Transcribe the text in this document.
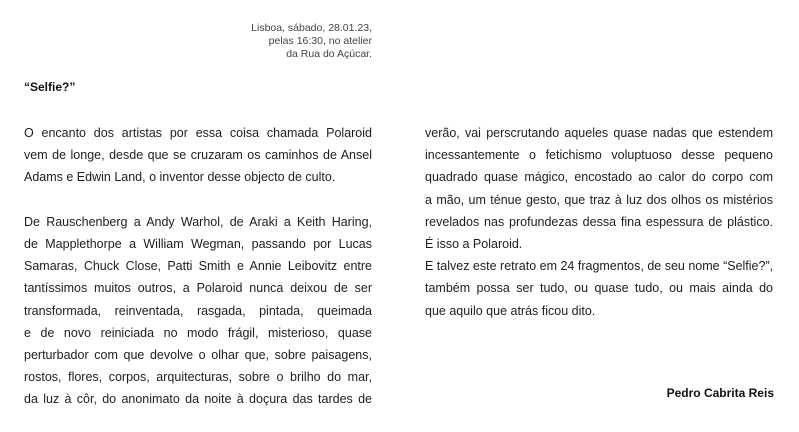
Lisboa, sábado, 28.01.23,
pelas 16:30, no atelier
da Rua do Açúcar.
“Selfie?”
O encanto dos artistas por essa coisa chamada Polaroid
vem de longe, desde que se cruzaram os caminhos de Ansel
Adams e Edwin Land, o inventor desse objecto de culto.
De Rauschenberg a Andy Warhol, de Araki a Keith Haring,
de Mapplethorpe a William Wegman, passando por Lucas
Samaras, Chuck Close, Patti Smith e Annie Leibovitz entre
tantíssimos muitos outros, a Polaroid nunca deixou de ser
transformada, reinventada, rasgada, pintada, queimada
e de novo reiniciada no modo frágil, misterioso, quase
perturbador com que devolve o olhar que, sobre paisagens,
rostos, flores, corpos, arquitecturas, sobre o brilho do mar,
da luz à côr, do anonimato da noite à doçura das tardes de
verão, vai perscrutando aqueles quase nadas que estendem
incessantemente o fetichismo voluptuoso desse pequeno
quadrado quase mágico, encostado ao calor do corpo com
a mão, um ténue gesto, que traz à luz dos olhos os mistérios
revelados nas profundezas dessa fina espessura de plástico.
É isso a Polaroid.
E talvez este retrato em 24 fragmentos, de seu nome “Selfie?”,
também possa ser tudo, ou quase tudo, ou mais ainda do
que aquilo que atrás ficou dito.
Pedro Cabrita Reis
